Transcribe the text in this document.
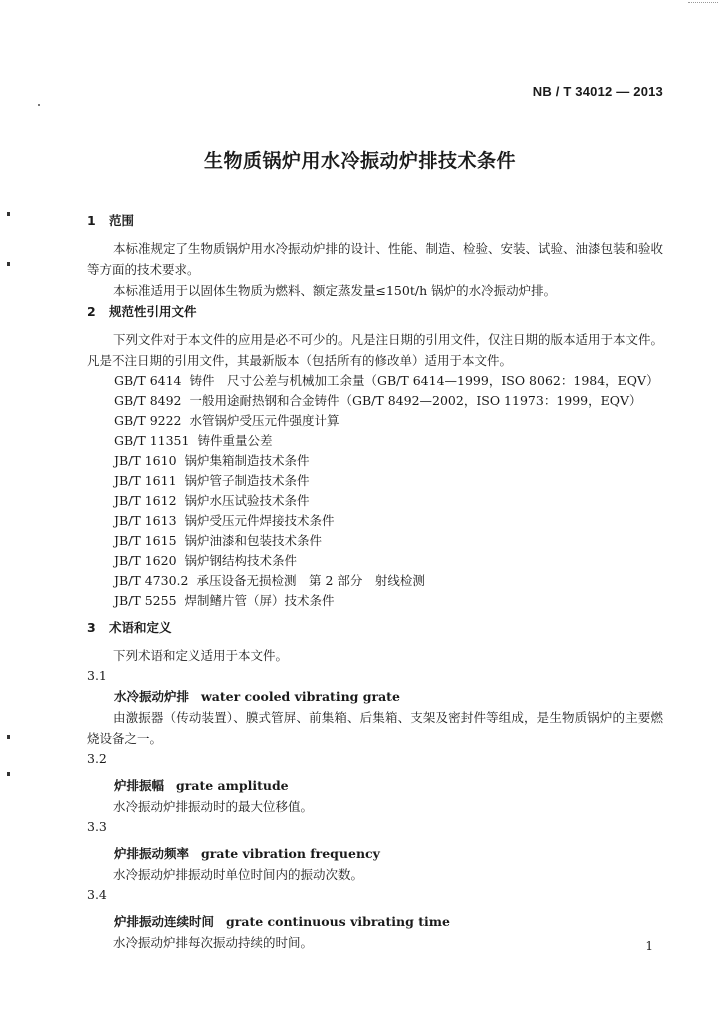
NB / T 34012 — 2013
生物质锅炉用水冷振动炉排技术条件
1 范围

本标准规定了生物质锅炉用水冷振动炉排的设计、性能、制造、检验、安装、试验、油漆包装和验收等方面的技术要求。

本标准适用于以固体生物质为燃料、额定蒸发量≤150t/h 锅炉的水冷振动炉排。

2 规范性引用文件

下列文件对于本文件的应用是必不可少的。凡是注日期的引用文件，仅注日期的版本适用于本文件。凡是不注日期的引用文件，其最新版本（包括所有的修改单）适用于本文件。

GB/T 6414 铸件　尺寸公差与机械加工余量（GB/T 6414—1999，ISO 8062：1984，EQV）
GB/T 8492 一般用途耐热钢和合金铸件（GB/T 8492—2002，ISO 11973：1999，EQV）
GB/T 9222 水管锅炉受压元件强度计算
GB/T 11351 铸件重量公差
JB/T 1610 锅炉集箱制造技术条件
JB/T 1611 锅炉管子制造技术条件
JB/T 1612 锅炉水压试验技术条件
JB/T 1613 锅炉受压元件焊接技术条件
JB/T 1615 锅炉油漆和包装技术条件
JB/T 1620 锅炉钢结构技术条件
JB/T 4730.2 承压设备无损检测　第 2 部分　射线检测
JB/T 5255 焊制鳍片管（屏）技术条件
3 术语和定义

下列术语和定义适用于本文件。

3.1
水冷振动炉排 water cooled vibrating grate

由激振器（传动装置）、膜式管屏、前集箱、后集箱、支架及密封件等组成，是生物质锅炉的主要燃烧设备之一。

3.2
炉排振幅 grate amplitude

水冷振动炉排振动时的最大位移值。

3.3
炉排振动频率 grate vibration frequency

水冷振动炉排振动时单位时间内的振动次数。

3.4
炉排振动连续时间 grate continuous vibrating time

水冷振动炉排每次振动持续的时间。	1
